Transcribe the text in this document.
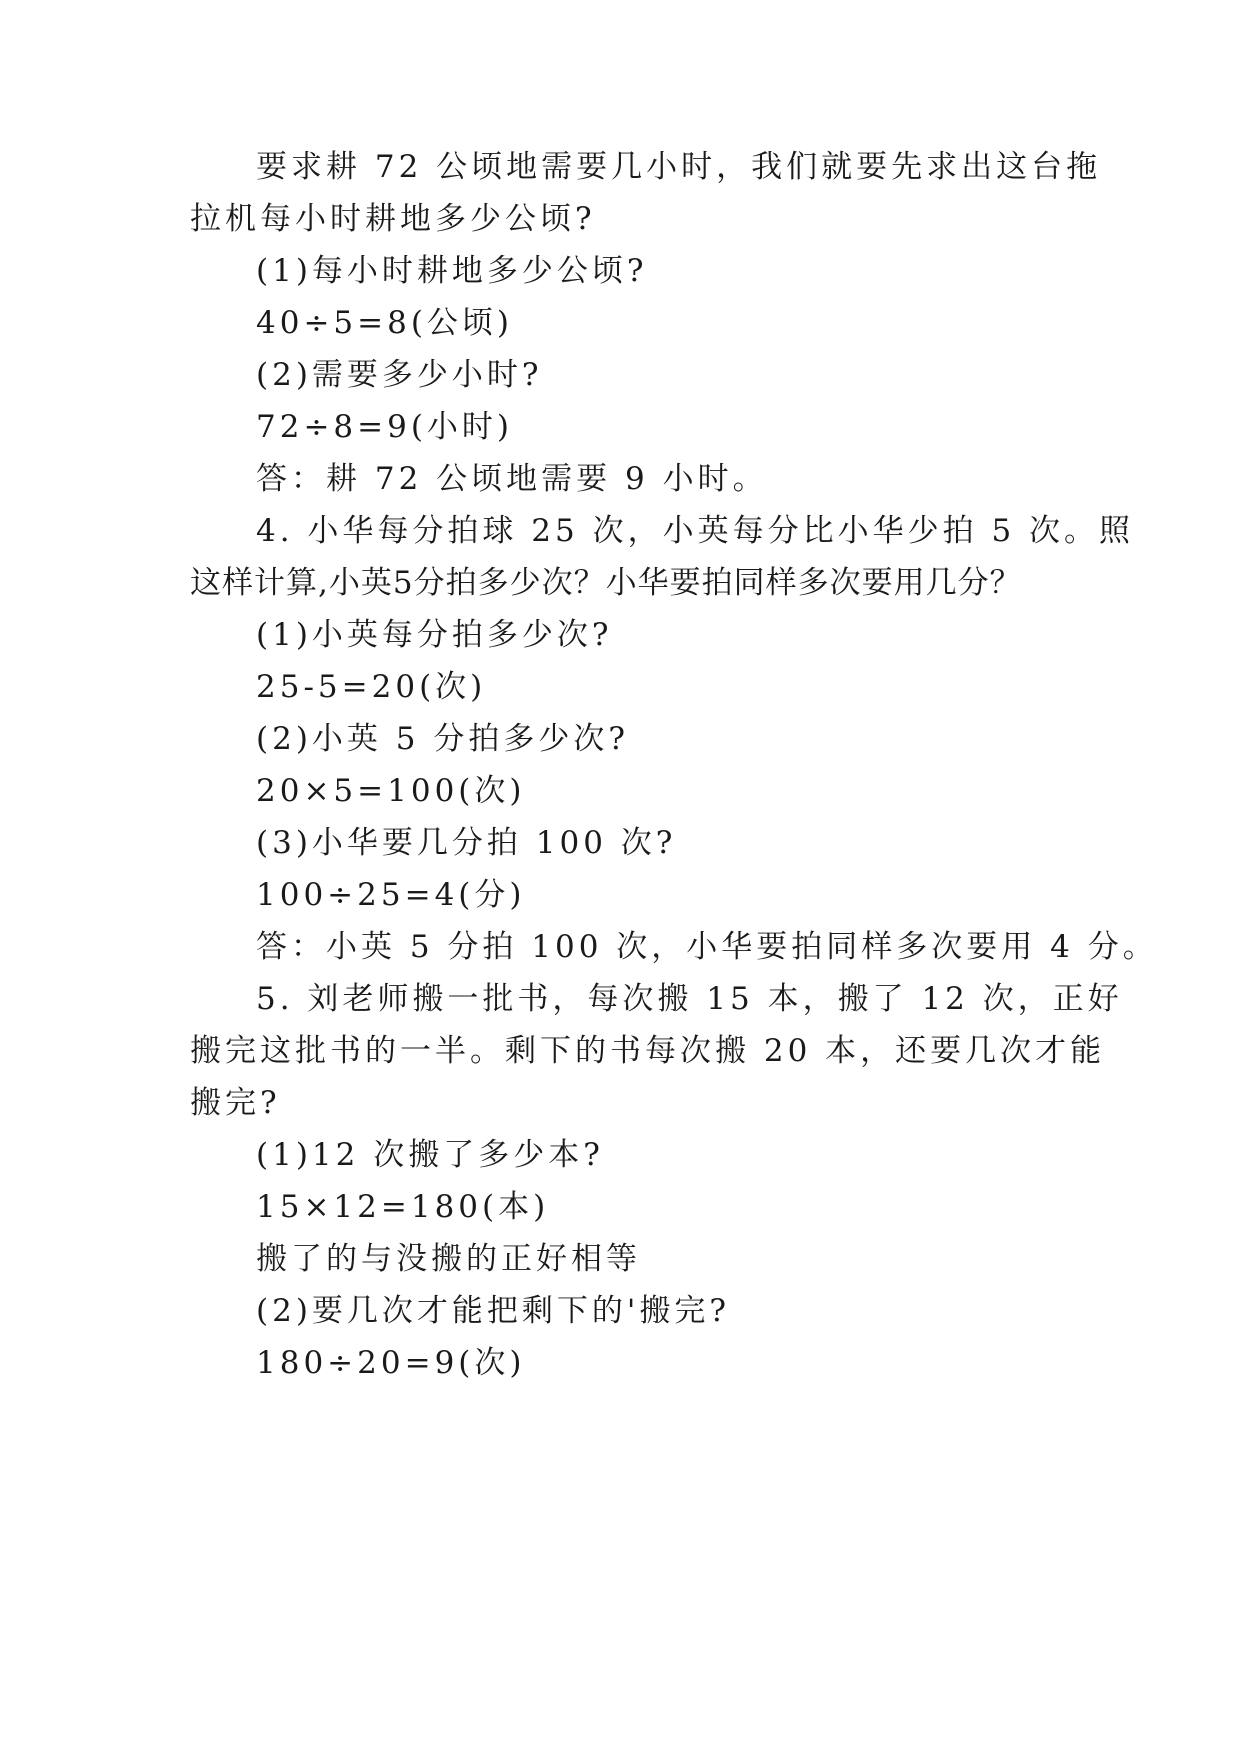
要求耕 72 公顷地需要几小时，我们就要先求出这台拖
拉机每小时耕地多少公顷?
(1)每小时耕地多少公顷?
40÷5=8(公顷)
(2)需要多少小时?
72÷8=9(小时)
答：耕 72 公顷地需要 9 小时。
4. 小华每分拍球 25 次，小英每分比小华少拍 5 次。照
这样计算,小英5分拍多少次？小华要拍同样多次要用几分？
(1)小英每分拍多少次?
25-5=20(次)
(2)小英 5 分拍多少次?
20×5=100(次)
(3)小华要几分拍 100 次?
100÷25=4(分)
答：小英 5 分拍 100 次，小华要拍同样多次要用 4 分。
5. 刘老师搬一批书，每次搬 15 本，搬了 12 次，正好
搬完这批书的一半。剩下的书每次搬 20 本，还要几次才能
搬完?
(1)12 次搬了多少本?
15×12=180(本)
搬了的与没搬的正好相等
(2)要几次才能把剩下的'搬完?
180÷20=9(次)
